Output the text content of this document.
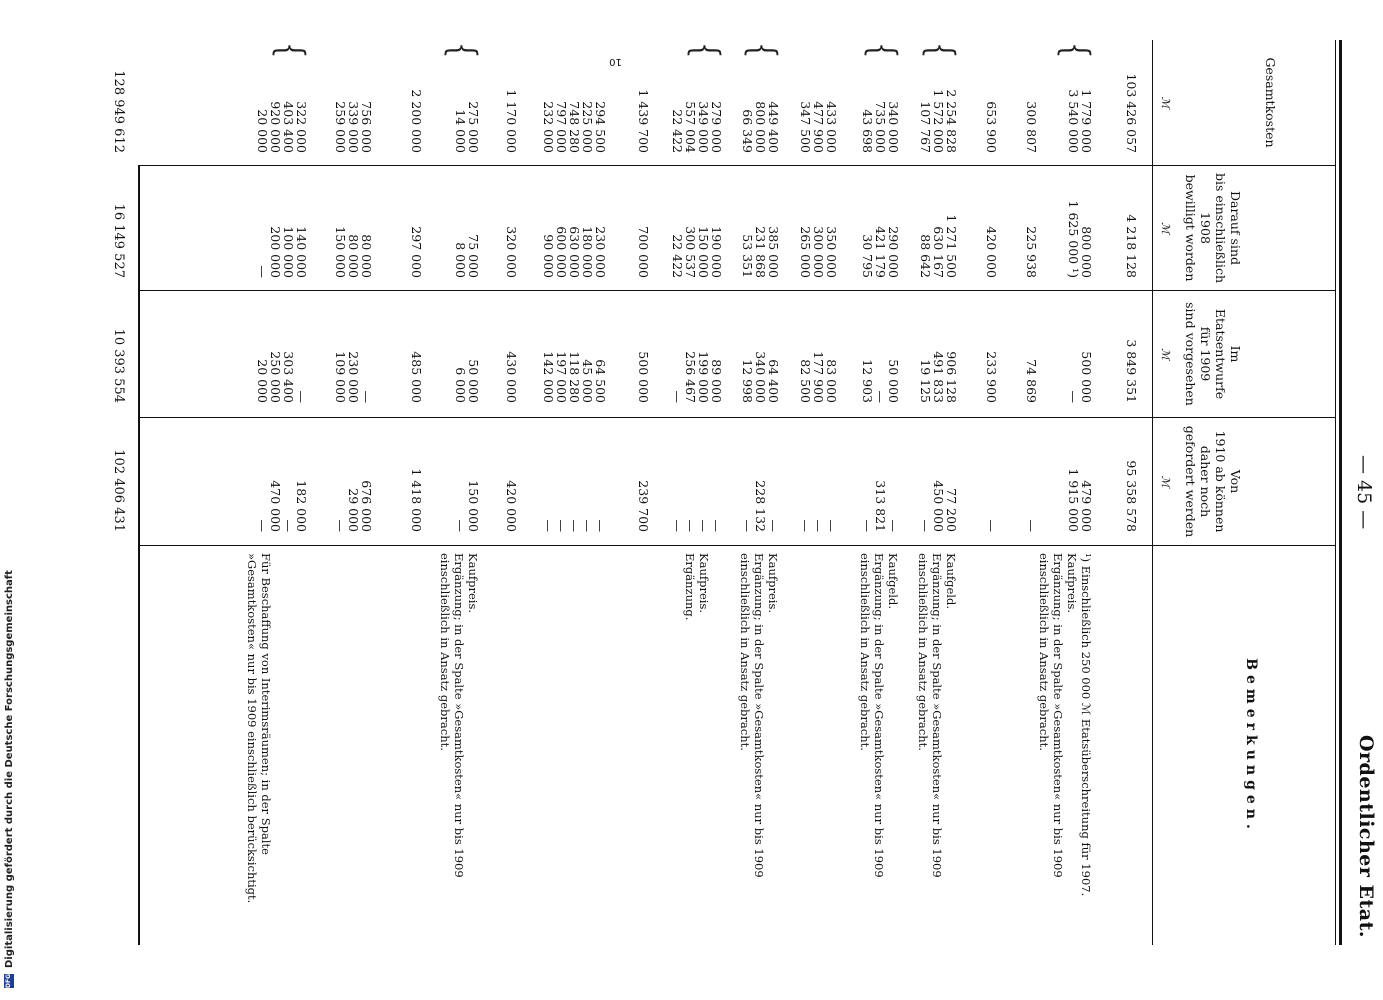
— 45 —
Ordentlicher Etat.
Gesamtkosten
ℳ
Darauf sind
bis einschließlich
1908
bewilligt worden
ℳ
Im
Etatsentwurfe
für 1909
sind vorgesehen
ℳ
Von
1910 ab können
daher noch
gefordert werden
ℳ
Bemerkungen.
103 426 057
4 218 128
3 849 351
95 358 578
{
1 779 000
3 540 000
800 000
1 625 000 ¹)
500 000
—
479 000
1 915 000
¹) Einschließlich 250 000 ℳ Etatsüberschreitung für 1907.
Kaufpreis.
Ergänzung; in der Spalte »Gesamtkosten« nur bis 1909 einschließlich in Ansatz gebracht.
300 807
225 938
74 869
—
653 900
420 000
233 900
—
{
2 254 828
1 572 000
107 767
1 271 500
630 167
88 642
906 128
491 833
19 125
77 200
450 000
—
Kaufgeld.
Ergänzung; in der Spalte »Gesamtkosten« nur bis 1909 einschließlich in Ansatz gebracht.
{
340 000
735 000
43 698
290 000
421 179
30 795
50 000
—
12 903
—
313 821
—
Kaufgeld.
Ergänzung; in der Spalte »Gesamtkosten« nur bis 1909 einschließlich in Ansatz gebracht.
433 000
477 900
347 500
350 000
300 000
265 000
83 000
177 900
82 500
—
—
—
{
449 400
800 000
66 349
385 000
231 868
53 351
64 400
340 000
12 998
—
228 132
—
Kaufpreis.
Ergänzung; in der Spalte »Gesamtkosten« nur bis 1909 einschließlich in Ansatz gebracht.
{
279 000
349 000
557 004
22 422
190 000
150 000
300 537
22 422
89 000
199 000
256 467
—
—
—
—
—
Kaufpreis.
Ergänzung.
1 439 700
700 000
500 000
239 700
294 500
225 000
748 280
797 000
232 000
230 000
180 000
630 000
600 000
90 000
64 500
45 000
118 280
197 000
142 000
—
—
—
—
—
1 170 000
320 000
430 000
420 000
{
275 000
14 000
75 000
8 000
50 000
6 000
150 000
—
Kaufpreis.
Ergänzung; in der Spalte »Gesamtkosten« nur bis 1909 einschließlich in Ansatz gebracht.
2 200 000
297 000
485 000
1 418 000
756 000
339 000
259 000
80 000
80 000
150 000
—
230 000
109 000
676 000
29 000
—
{
322 000
403 400
920 000
20 000
140 000
100 000
200 000
—
—
303 400
250 000
20 000
182 000
—
470 000
—
Für Beschaffung von Interimsräumen; in der Spalte »Gesamtkosten« nur bis 1909 einschließlich berücksichtigt.
128 949 612
16 149 527
10 393 554
102 406 431
10
DFGDigitalisierung gefördert durch die Deutsche Forschungsgemeinschaft
